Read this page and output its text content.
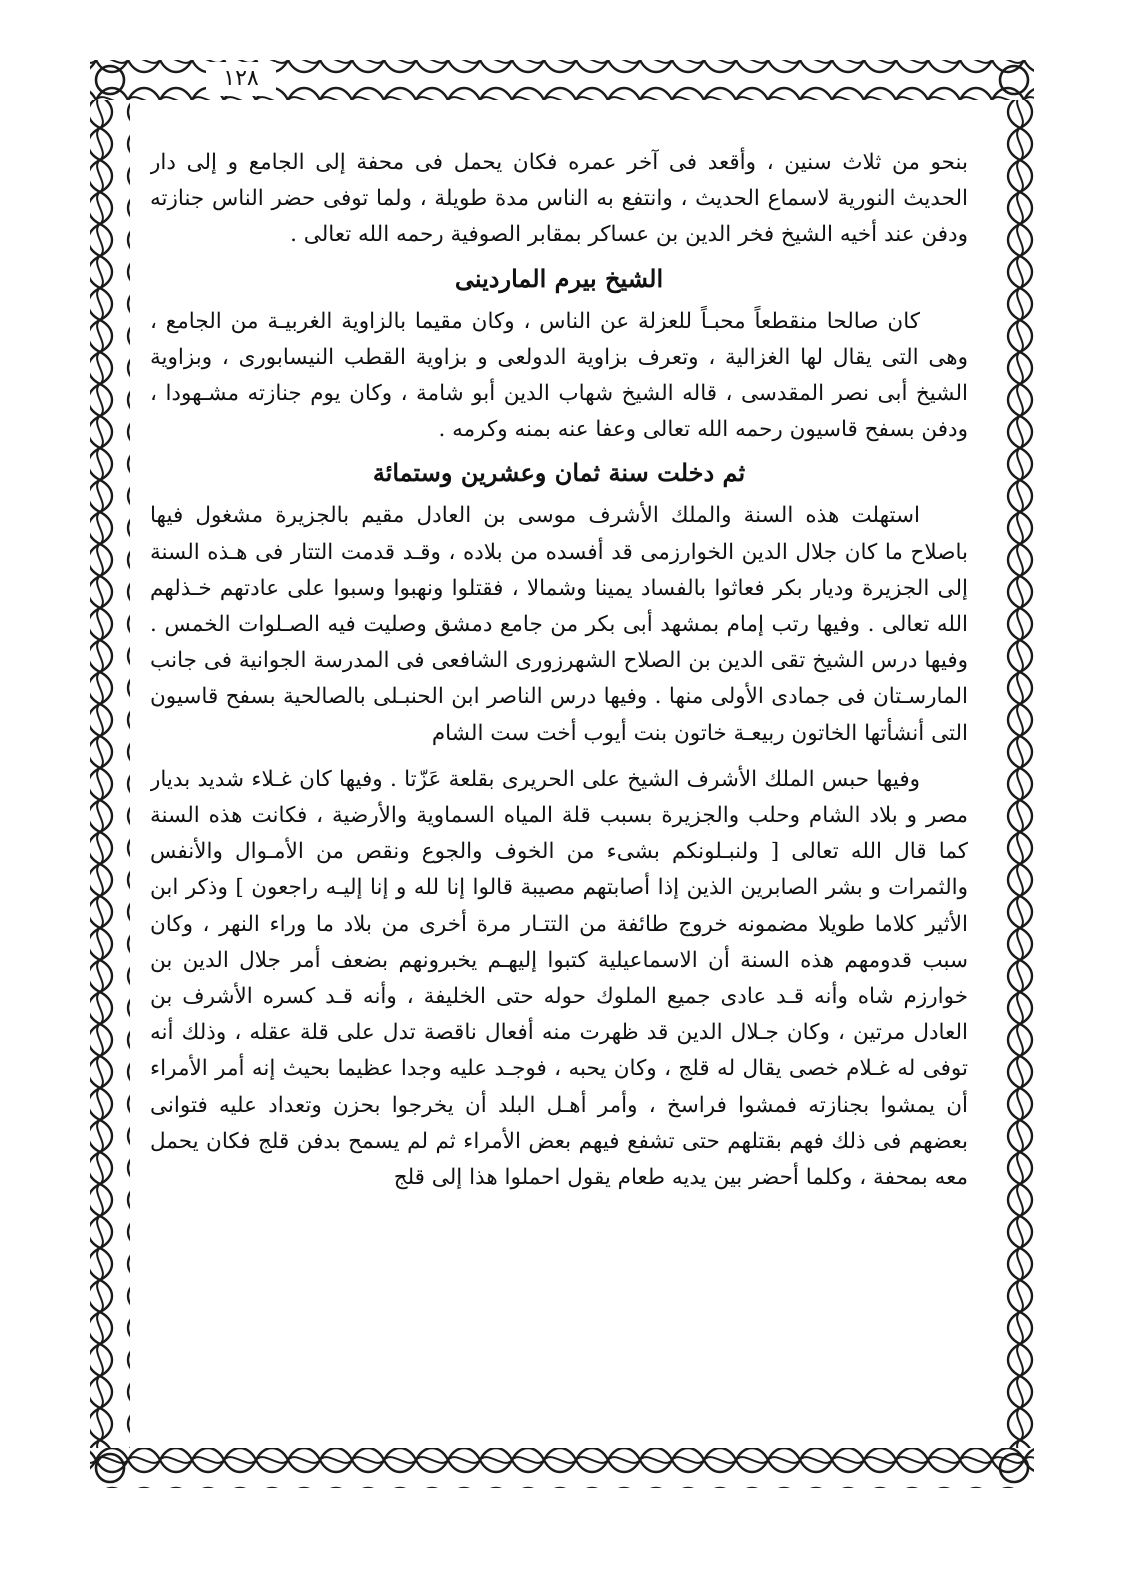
١٢٨

بنحو من ثلاث سنين ، وأقعد فى آخر عمره فكان يحمل فى محفة إلى الجامع و إلى دار الحديث النورية لاسماع الحديث ، وانتفع به الناس مدة طويلة ، ولما توفى حضر الناس جنازته ودفن عند أخيه الشيخ فخر الدين بن عساكر بمقابر الصوفية رحمه الله تعالى .

الشيخ بيرم الماردينى

كان صالحا منقطعاً محبـاً للعزلة عن الناس ، وكان مقيما بالزاوية الغربيـة من الجامع ، وهى التى يقال لها الغزالية ، وتعرف بزاوية الدولعى و بزاوية القطب النيسابورى ، وبزاوية الشيخ أبى نصر المقدسى ، قاله الشيخ شهاب الدين أبو شامة ، وكان يوم جنازته مشـهودا ، ودفن بسفح قاسيون رحمه الله تعالى وعفا عنه بمنه وكرمه .

ثم دخلت سنة ثمان وعشرين وستمائة

استهلت هذه السنة والملك الأشرف موسى بن العادل مقيم بالجزيرة مشغول فيها باصلاح ما كان جلال الدين الخوارزمى قد أفسده من بلاده ، وقـد قدمت التتار فى هـذه السنة إلى الجزيرة وديار بكر فعاثوا بالفساد يمينا وشمالا ، فقتلوا ونهبوا وسبوا على عادتهم خـذلهم الله تعالى . وفيها رتب إمام بمشهد أبى بكر من جامع دمشق وصليت فيه الصـلوات الخمس . وفيها درس الشيخ تقى الدين بن الصلاح الشهرزورى الشافعى فى المدرسة الجوانية فى جانب المارسـتان فى جمادى الأولى منها . وفيها درس الناصر ابن الحنبـلى بالصالحية بسفح قاسيون التى أنشأتها الخاتون ربيعـة خاتون بنت أيوب أخت ست الشام

وفيها حبس الملك الأشرف الشيخ على الحريرى بقلعة عَزّتا . وفيها كان غـلاء شديد بديار مصر و بلاد الشام وحلب والجزيرة بسبب قلة المياه السماوية والأرضية ، فكانت هذه السنة كما قال الله تعالى [ ولنبـلونكم بشىء من الخوف والجوع ونقص من الأمـوال والأنفس والثمرات و بشر الصابرين الذين إذا أصابتهم مصيبة قالوا إنا لله و إنا إليـه راجعون ] وذكر ابن الأثير كلاما طويلا مضمونه خروج طائفة من التتـار مرة أخرى من بلاد ما وراء النهر ، وكان سبب قدومهم هذه السنة أن الاسماعيلية كتبوا إليهـم يخبرونهم بضعف أمر جلال الدين بن خوارزم شاه وأنه قـد عادى جميع الملوك حوله حتى الخليفة ، وأنه قـد كسره الأشرف بن العادل مرتين ، وكان جـلال الدين قد ظهرت منه أفعال ناقصة تدل على قلة عقله ، وذلك أنه توفى له غـلام خصى يقال له قلج ، وكان يحبه ، فوجـد عليه وجدا عظيما بحيث إنه أمر الأمراء أن يمشوا بجنازته فمشوا فراسخ ، وأمر أهـل البلد أن يخرجوا بحزن وتعداد عليه فتوانى بعضهم فى ذلك فهم بقتلهم حتى تشفع فيهم بعض الأمراء ثم لم يسمح بدفن قلج فكان يحمل معه بمحفة ، وكلما أحضر بين يديه طعام يقول احملوا هذا إلى قلج
